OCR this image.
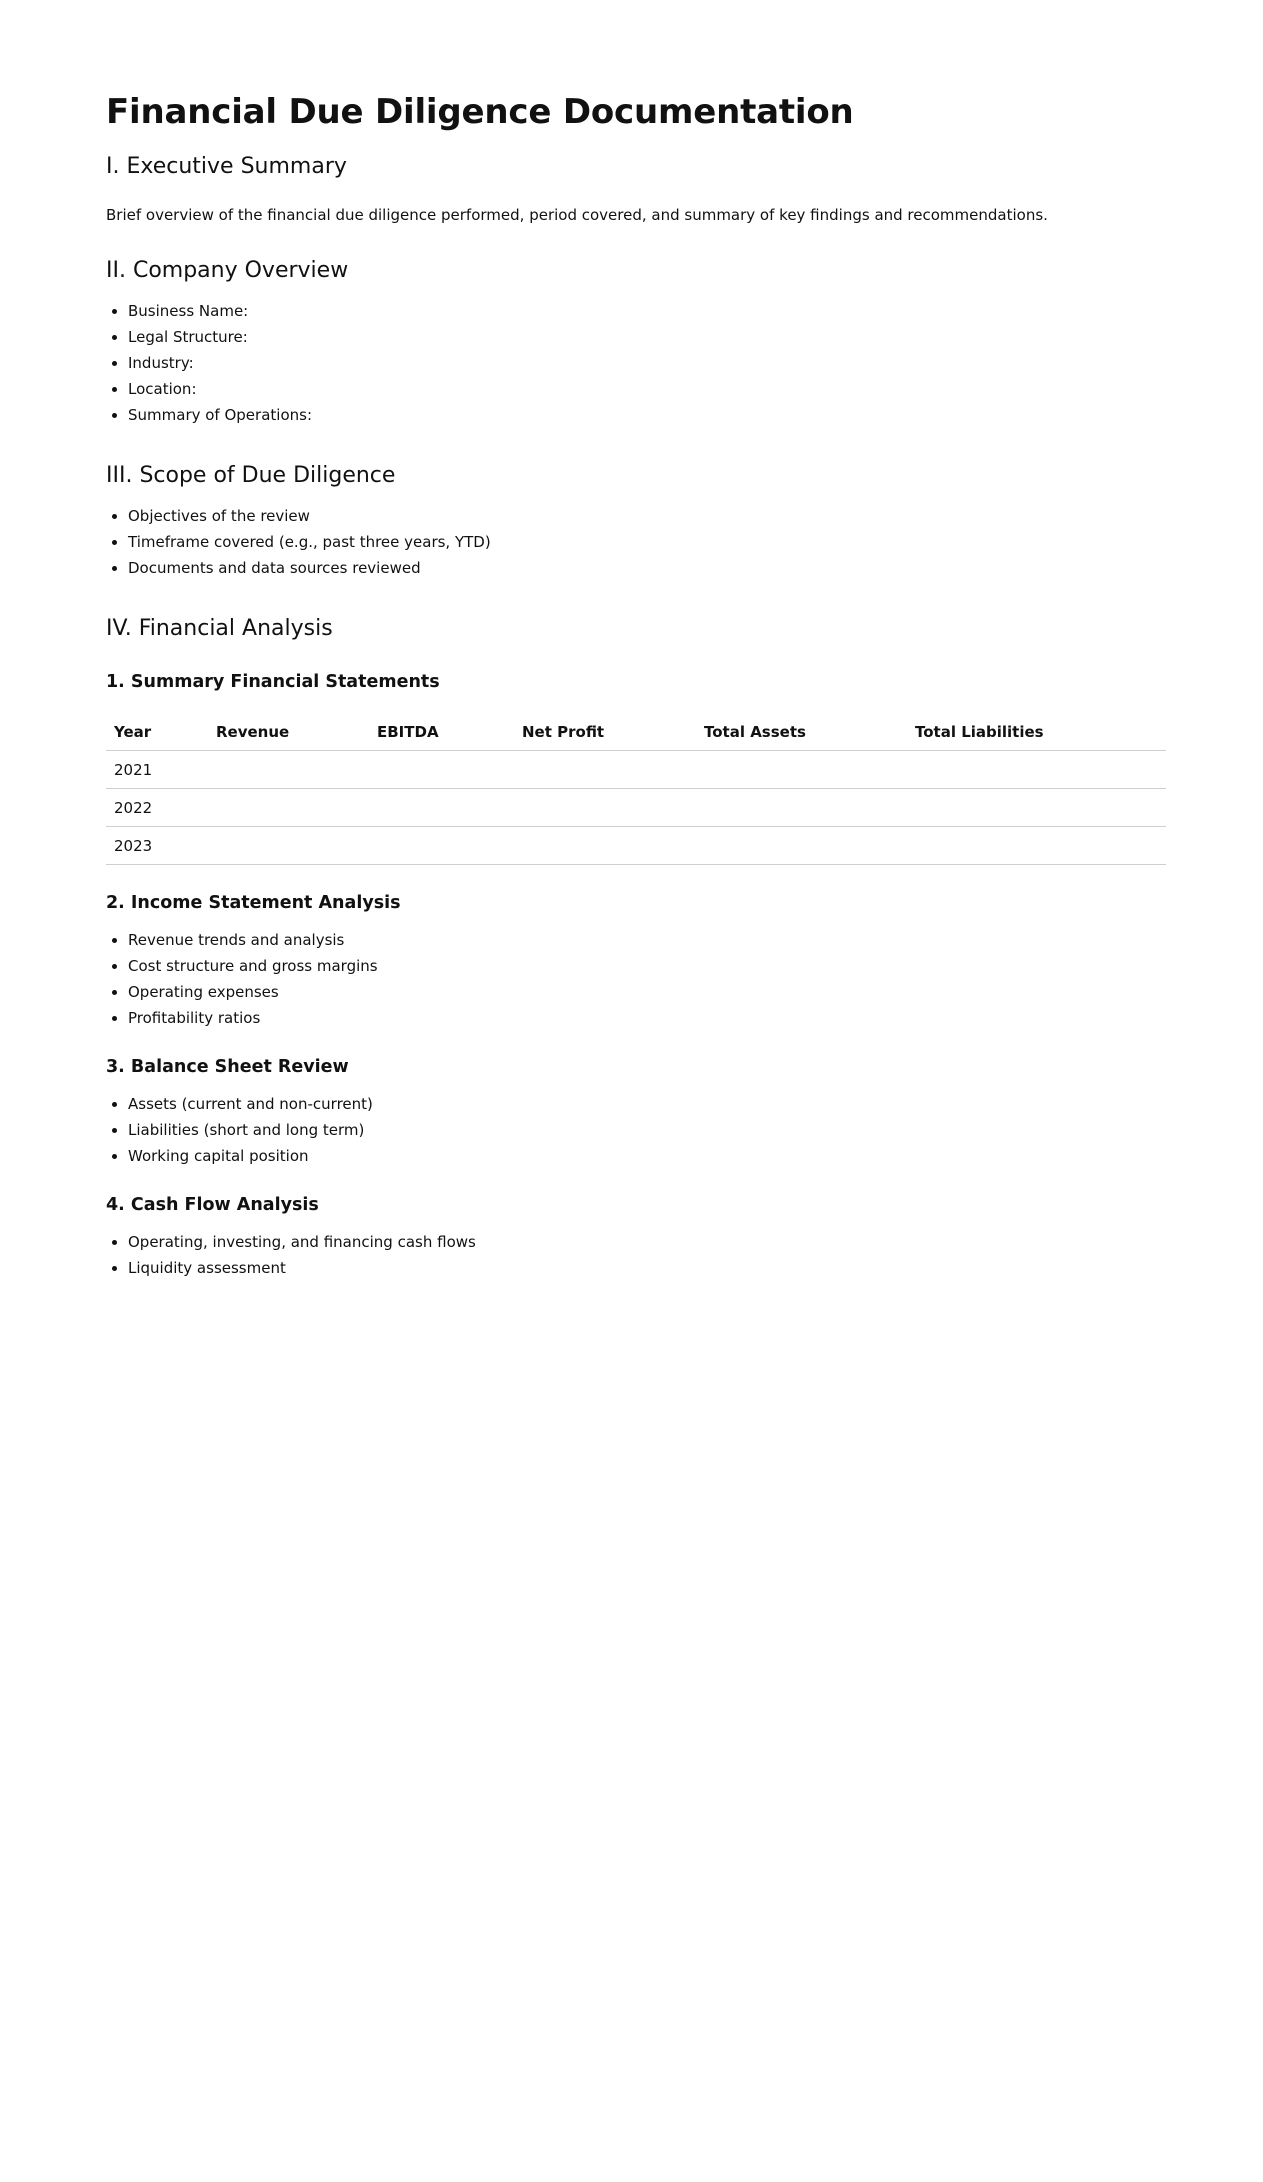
Financial Due Diligence Documentation
I. Executive Summary

Brief overview of the financial due diligence performed, period covered, and summary of key findings and recommendations.

II. Company Overview
• Business Name:
• Legal Structure:
• Industry:
• Location:
• Summary of Operations:
III. Scope of Due Diligence
• Objectives of the review
• Timeframe covered (e.g., past three years, YTD)
• Documents and data sources reviewed
IV. Financial Analysis
1. Summary Financial Statements
Year	Revenue	EBITDA	Net Profit	Total Assets	Total Liabilities
2021					
2022					
2023					
2. Income Statement Analysis
• Revenue trends and analysis
• Cost structure and gross margins
• Operating expenses
• Profitability ratios
3. Balance Sheet Review
• Assets (current and non-current)
• Liabilities (short and long term)
• Working capital position
4. Cash Flow Analysis
• Operating, investing, and financing cash flows
• Liquidity assessment
